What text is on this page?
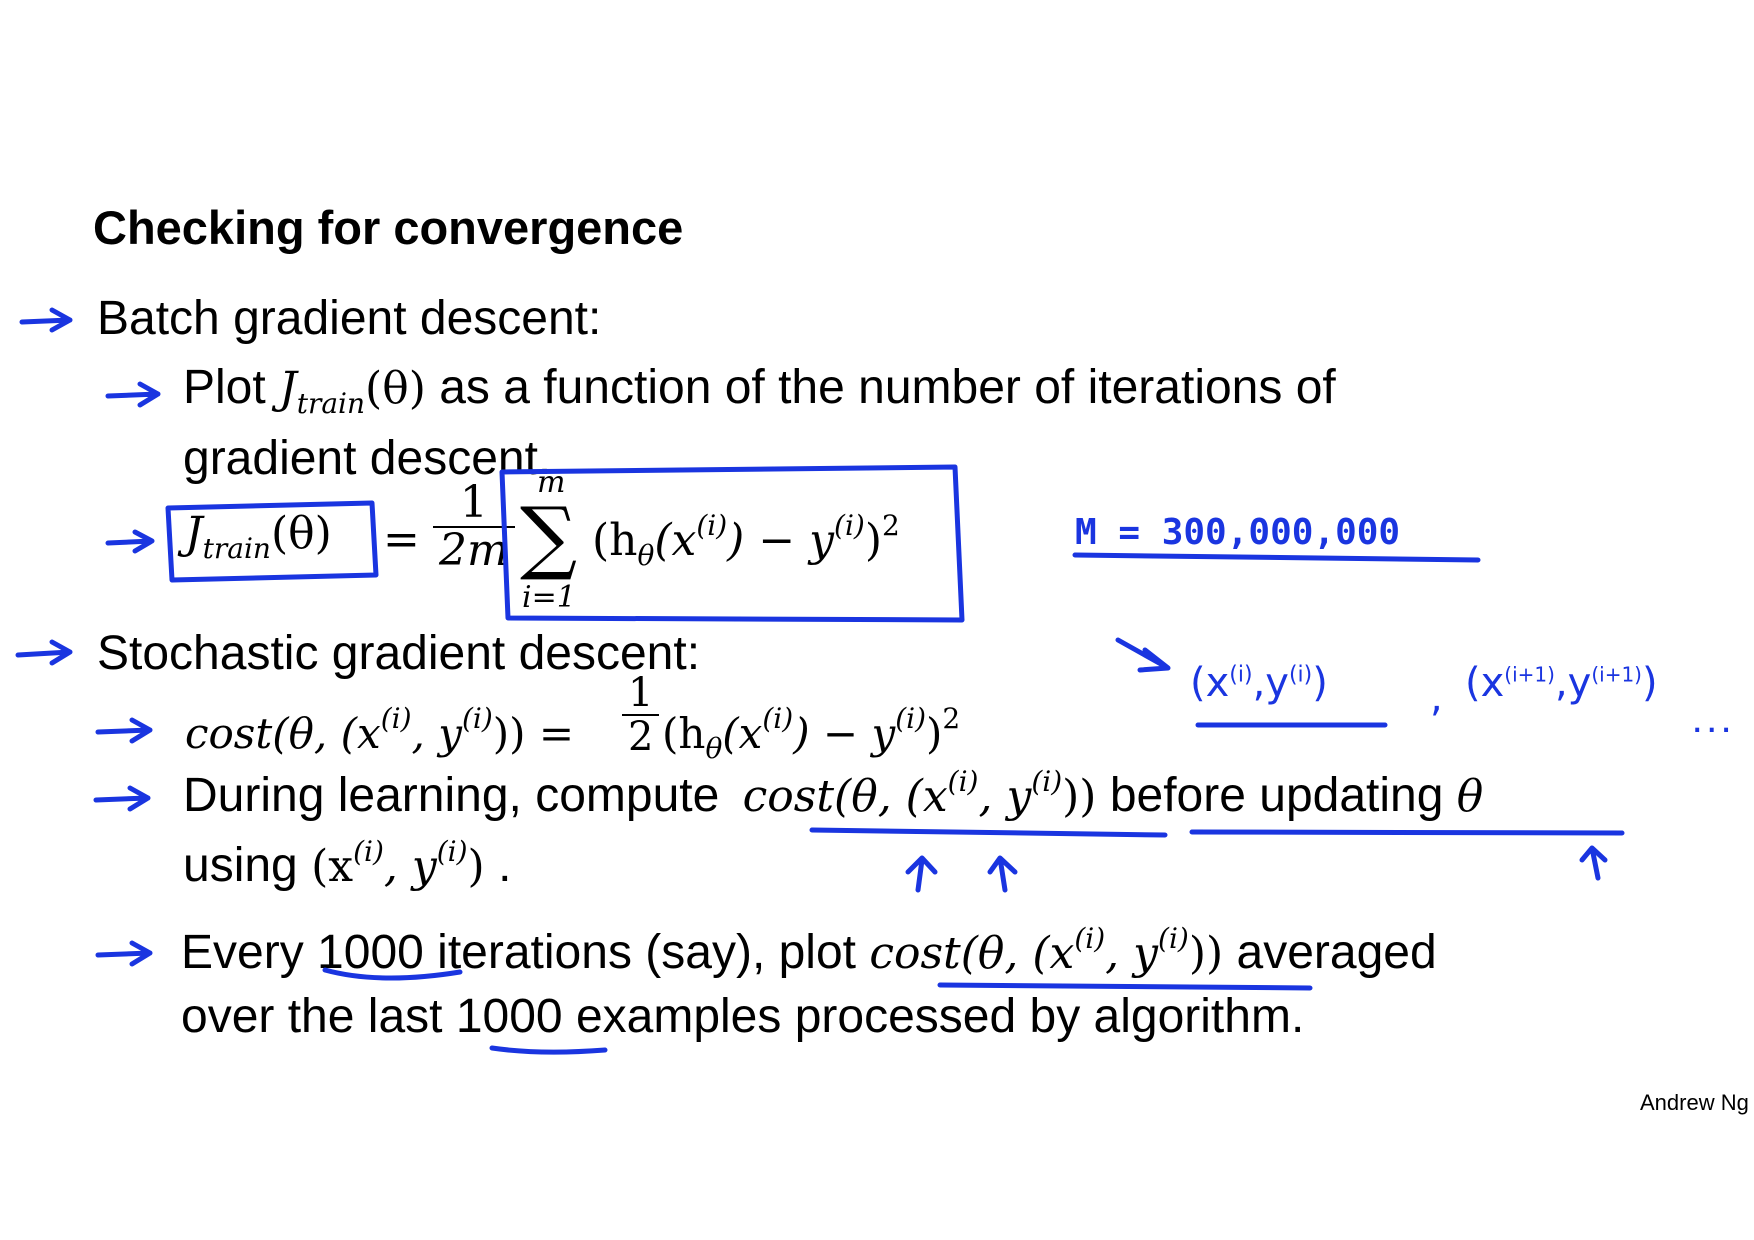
Checking for convergence
Batch gradient descent:
Plot $J_{train}(\theta)$ as a function of the number of iterations of
gradient descent.
$J_{train}(\theta) = \frac{1}{2m}$ m
∑
i=1
$(h_\theta(x^{(i)}) - y^{(i)})^2$
Stochastic gradient descent:
cost(θ, ($x^{(i)}$, $y^{(i)})) = \frac{1}{2} (h_\theta(x^{(i)}) - y^{(i)})^2$
During learning, compute cost(θ, ($x^{(i)}$, $y^{(i)}$)) before updating θ
using ($x^{(i)}$, $y^{(i)}$) .
Every 1000 iterations (say), plot cost(θ, ($x^{(i)}$, $y^{(i)}$)) averaged
over the last 1000 examples processed by algorithm.
Andrew Ng
M = 300,000,000
$(x^{(i)},y^{(i)})$	, $(x^{(i+1)},y^{(i+1)})$
...
